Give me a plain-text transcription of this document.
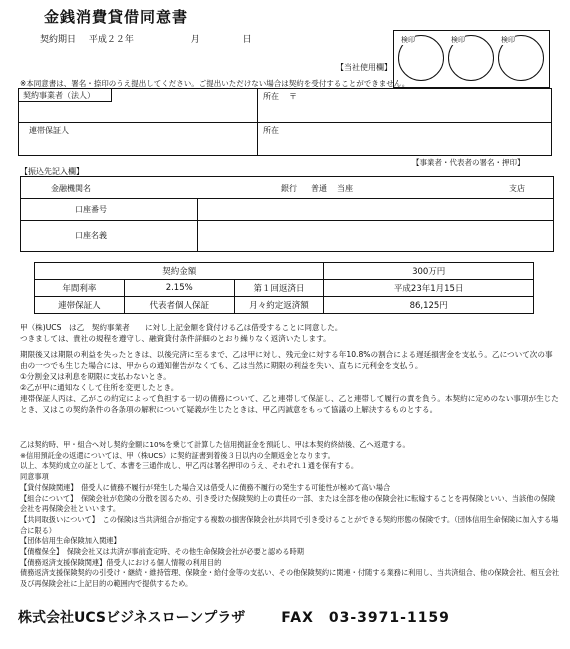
金銭消費貸借同意書
契約期日 平成２２年	月	日	検印	検印	検印
【当社使用欄】
※本同意書は、署名・捺印のうえ提出してください。ご提出いただけない場合は契約を受付することができません。
契約事業者（法人）	所在 〒
連帯保証人	所在
【事業者・代表者の署名・押印】
【振込先記入欄】
金融機関名	銀行 普通 当座	支店
口座番号
口座名義
契約金額			300万円
年間利率	2.15%	第１回返済日	平成23年1月15日
連帯保証人	代表者個人保証	月々約定返済額	86,125円
甲（株)UCS　は乙　契約事業者　　に対し上記金額を貸付ける乙は借受することに同意した。
つきましては、貴社の規程を遵守し、融資貸付条件詳細のとおり繰りなく返済いたします。
期限後又は期限の利益を失ったときは、以後完済に至るまで、乙は甲に対し、残元金に対する年10.8%の割合による遅延損害金を支払う。乙について次の事由の一つでも生じた場合には、甲からの通知催告がなくても、乙は当然に期限の利益を失い、直ちに元利金を支払う。
①分割金又は利息を期限に支払わないとき。
②乙が甲に通知なくして住所を変更したとき。
連帯保証人丙は、乙がこの約定によって負担する一切の債務について、乙と連帯して保証し、乙と連帯して履行の責を負う。本契約に定めのない事項が生じたとき、又はこの契約条件の各条項の解釈について疑義が生じたときは、甲乙丙誠意をもって協議の上解決するものとする。
乙は契約時、甲・組合へ対し契約金額に10%を乗じて計算した信用拠証金を預託し、甲は本契約終結後、乙へ返還する。
※信用預託金の返還については、甲（株UCS）に契約証書到着後３日以内の全額返金となります。
以上、本契約成立の証として、本書を三通作成し、甲乙丙は署名押印のうえ、それぞれ１通を保有する。
同意事項
【貸付保険関連】　借受人に債務不履行が発生した場合又は借受人に債務不履行の発生する可能性が極めて高い場合
【組合について】　保険会社が危険の分散を図るため、引き受けた保険契約上の責任の一部、または全部を他の保険会社に転嫁することを再保険といい、当該他の保険会社を再保険会社といいます。
【共同取扱いについて】　この保険は当共済組合が指定する複数の損害保険会社が共同で引き受けることができる契約形態の保険です。（団体信用生命保険に加入する場合に限る）
【団体信用生命保険加入関連】
【債権保全】　保険会社又は共済が事前査定時、その他生命保険会社が必要と認める時期
【債務返済支援保険関連】借受人における個人情報の利用目的
債務返済支援保険契約の引受け・継続・維持管理、保険金・給付金等の支払い、その他保険契約に関連・付随する業務に利用し、当共済組合、他の保険会社、相互会社及び再保険会社に上記目的の範囲内で提供するため。
株式会社UCSビジネスローンプラザ	FAX　03-3971-1159
